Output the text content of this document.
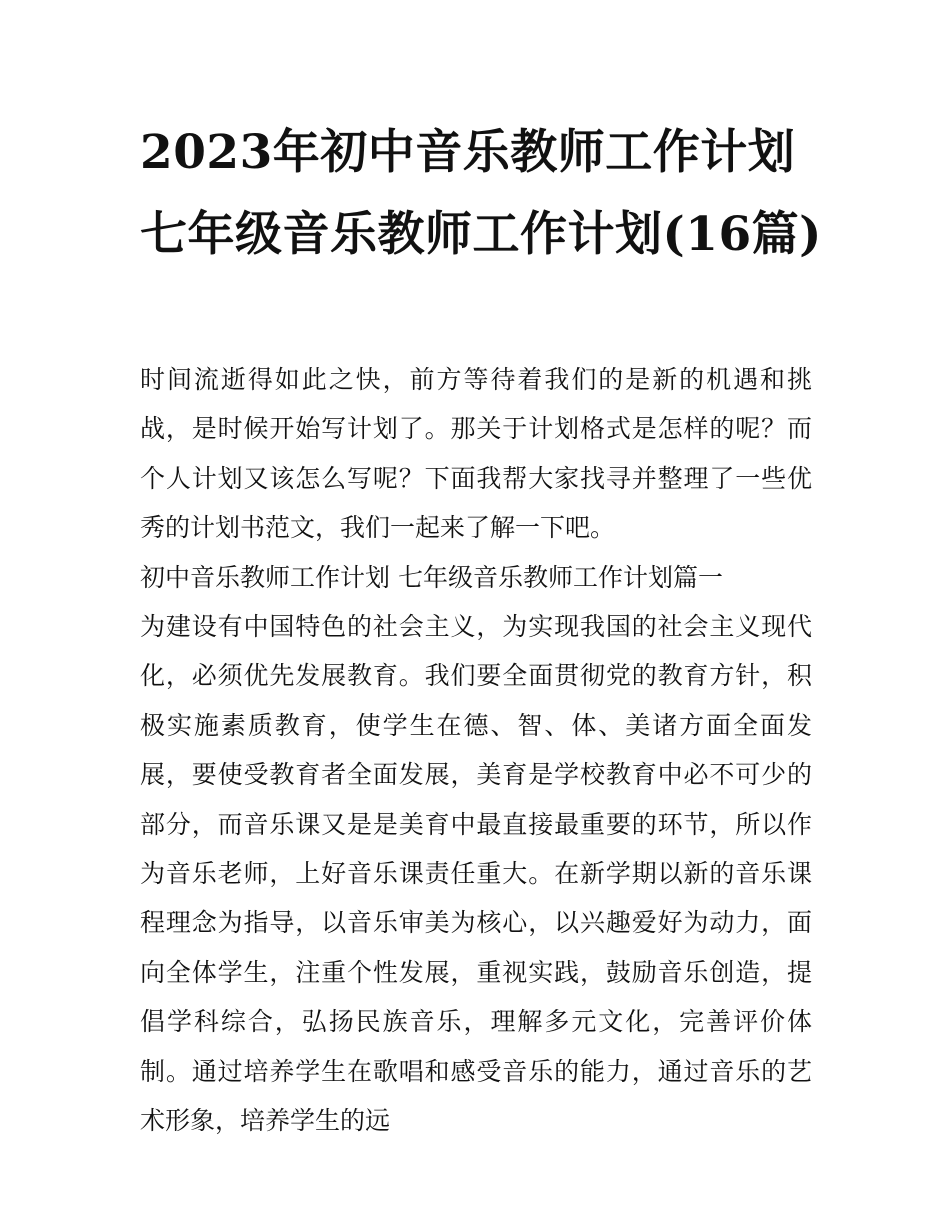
2023年初中音乐教师工作计划 七年级音乐教师工作计划(16篇)

时间流逝得如此之快，前方等待着我们的是新的机遇和挑战，是时候开始写计划了。那关于计划格式是怎样的呢？而个人计划又该怎么写呢？下面我帮大家找寻并整理了一些优秀的计划书范文，我们一起来了解一下吧。

初中音乐教师工作计划 七年级音乐教师工作计划篇一

为建设有中国特色的社会主义，为实现我国的社会主义现代化，必须优先发展教育。我们要全面贯彻党的教育方针，积极实施素质教育，使学生在德、智、体、美诸方面全面发展，要使受教育者全面发展，美育是学校教育中必不可少的部分，而音乐课又是是美育中最直接最重要的环节，所以作为音乐老师，上好音乐课责任重大。在新学期以新的音乐课程理念为指导，以音乐审美为核心，以兴趣爱好为动力，面向全体学生，注重个性发展，重视实践，鼓励音乐创造，提倡学科综合，弘扬民族音乐，理解多元文化，完善评价体制。通过培养学生在歌唱和感受音乐的能力，通过音乐的艺术形象，培养学生的远
